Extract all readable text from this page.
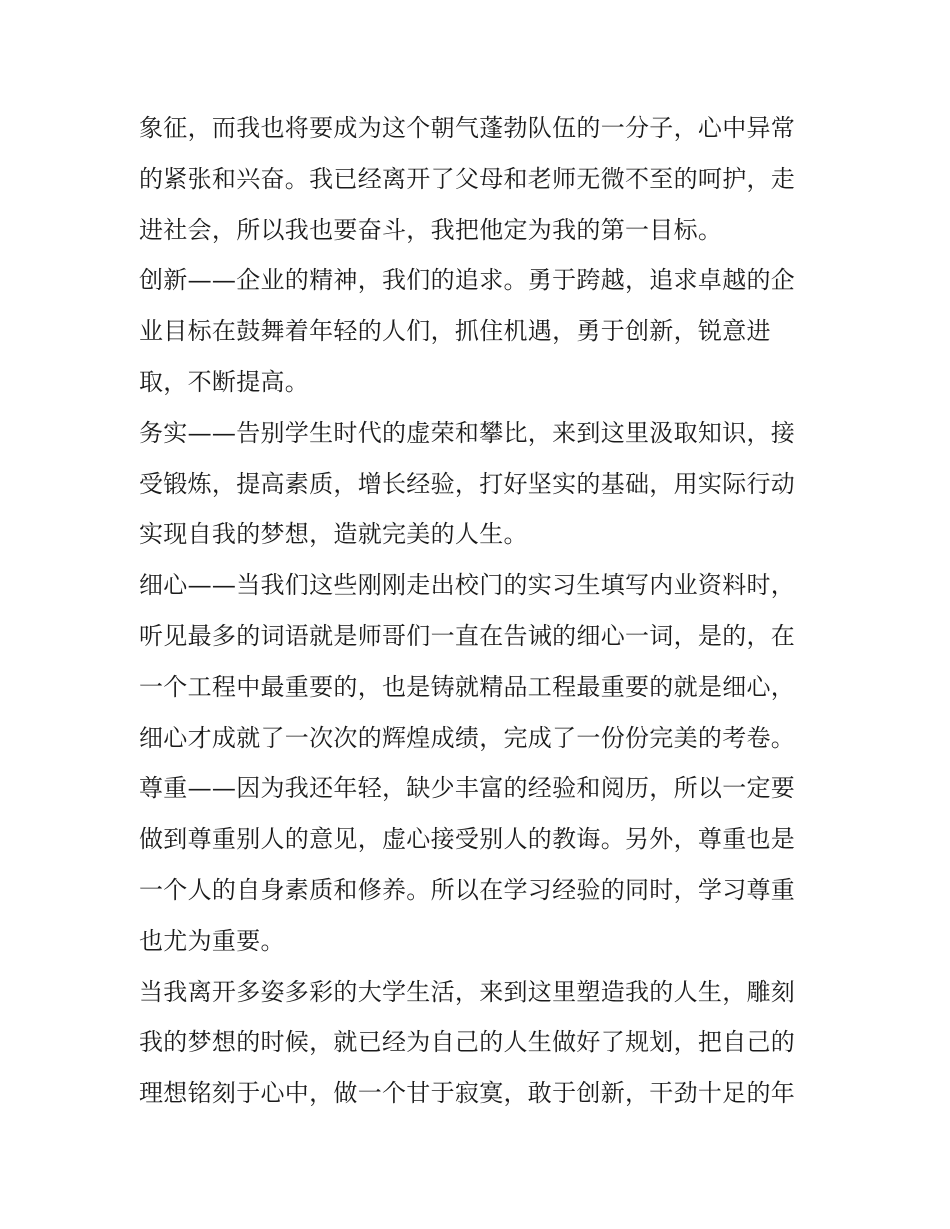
象征，而我也将要成为这个朝气蓬勃队伍的一分子，心中异常
的紧张和兴奋。我已经离开了父母和老师无微不至的呵护，走
进社会，所以我也要奋斗，我把他定为我的第一目标。
创新——企业的精神，我们的追求。勇于跨越，追求卓越的企
业目标在鼓舞着年轻的人们，抓住机遇，勇于创新，锐意进
取，不断提高。
务实——告别学生时代的虚荣和攀比，来到这里汲取知识，接
受锻炼，提高素质，增长经验，打好坚实的基础，用实际行动
实现自我的梦想，造就完美的人生。
细心——当我们这些刚刚走出校门的实习生填写内业资料时，
听见最多的词语就是师哥们一直在告诫的细心一词，是的，在
一个工程中最重要的，也是铸就精品工程最重要的就是细心，
细心才成就了一次次的辉煌成绩，完成了一份份完美的考卷。
尊重——因为我还年轻，缺少丰富的经验和阅历，所以一定要
做到尊重别人的意见，虚心接受别人的教诲。另外，尊重也是
一个人的自身素质和修养。所以在学习经验的同时，学习尊重
也尤为重要。
当我离开多姿多彩的大学生活，来到这里塑造我的人生，雕刻
我的梦想的时候，就已经为自己的人生做好了规划，把自己的
理想铭刻于心中，做一个甘于寂寞，敢于创新，干劲十足的年
